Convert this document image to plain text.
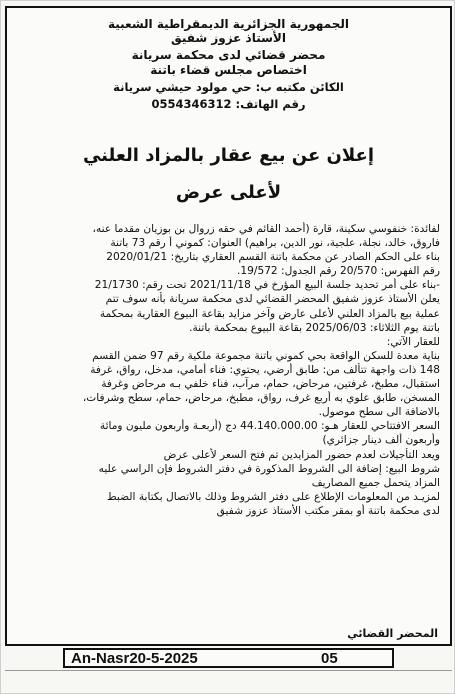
الجمهورية الجزائرية الديمقراطية الشعبية
الأستاذ عزوز شفيق
محضر قضائي لدى محكمة سريانة
اختصاص مجلس قضاء باتنة
الكائن مكتبه ب: حي مولود حيشي سريانة
رقم الهاتف: 0554346312
إعلان عن بيع عقار بالمزاد العلني
لأعلى عرض
لفائدة: خنفوسي سكينة، قارة (أحمد القائم في حقه زروال بن بوزيان مقدما عنه،
فاروق، خالد، نجلة، علجية، نور الدين، براهيم) العنوان: كموني أ رقم 73 باتنة
بناء على الحكم الصادر عن محكمة باتنة القسم العقاري بتاريخ: 2020/01/21
رقم الفهرس: 20/570 رقم الجدول: 19/572.
-بناء على أمر تحديد جلسة البيع المؤرخ في 2021/11/18 تحت رقم: 21/1730
يعلن الأستاذ عزوز شفيق المحضر القضائي لدى محكمة سريانة بأنه سوف تتم
عملية بيع بالمزاد العلني لأعلى عارض وآخر مزايد بقاعة البيوع العقارية بمحكمة
باتنة يوم الثلاثاء: 2025/06/03 بقاعة البيوع بمحكمة باتنة.
للعقار الآتي:
بناية معدة للسكن الواقعة بحي كموني باتنة مجموعة ملكية رقم 97 ضمن القسم
148 ذات واجهة تتألف من: طابق أرضي، يحتوي: فناء أمامي، مدخل، رواق، غرفة
استقبال، مطبخ، غرفتين، مرحاض، حمام، مرآب، فناء خلفي بـه مرحاض وغرفة
المسخن، طابق علوي به أربع غرف، رواق، مطبخ، مرحاض، حمام، سطح وشرفات،
بالاضافة الى سطح موصول.
السعر الافتتاحي للعقار هـو: 44.140.000.00 دج (أربعـة وأربعون مليون ومائة
وأربعون ألف دينار جزائري)
ويعد التأجيلات لعدم حضور المزايدين تم فتح السعر لأعلى عرض
شروط البيع: إضافة الى الشروط المذكورة في دفتر الشروط فإن الراسي عليه
المزاد يتحمل جميع المصاريف
لمزيـد من المعلومات الإطلاع على دفتر الشروط وذلك بالاتصال بكتابة الضبط
لدى محكمة باتنة أو بمقر مكتب الأستاذ عزوز شفيق
المحضر القضائي
An-Nasr20-5-2025	05
